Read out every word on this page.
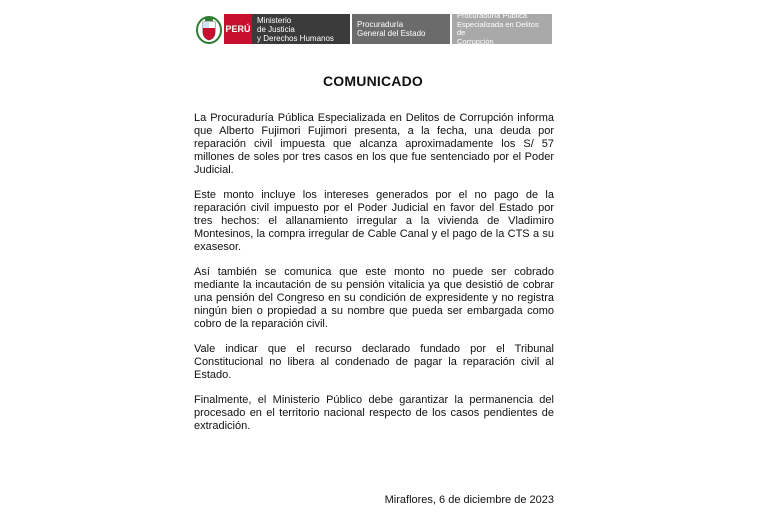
PERÚ
Ministerio
de Justicia
y Derechos Humanos
Procuraduría
General del Estado
Procuraduría Pública
Especializada en Delitos de
Corrupción
COMUNICADO

La Procuraduría Pública Especializada en Delitos de Corrupción informa que Alberto Fujimori Fujimori presenta, a la fecha, una deuda por reparación civil impuesta que alcanza aproximadamente los S/ 57 millones de soles por tres casos en los que fue sentenciado por el Poder Judicial.

Este monto incluye los intereses generados por el no pago de la reparación civil impuesto por el Poder Judicial en favor del Estado por tres hechos: el allanamiento irregular a la vivienda de Vladimiro Montesinos, la compra irregular de Cable Canal y el pago de la CTS a su exasesor.

Así también se comunica que este monto no puede ser cobrado mediante la incautación de su pensión vitalicia ya que desistió de cobrar una pensión del Congreso en su condición de expresidente y no registra ningún bien o propiedad a su nombre que pueda ser embargada como cobro de la reparación civil.

Vale indicar que el recurso declarado fundado por el Tribunal Constitucional no libera al condenado de pagar la reparación civil al Estado.

Finalmente, el Ministerio Público debe garantizar la permanencia del procesado en el territorio nacional respecto de los casos pendientes de extradición.

Miraflores, 6 de diciembre de 2023
